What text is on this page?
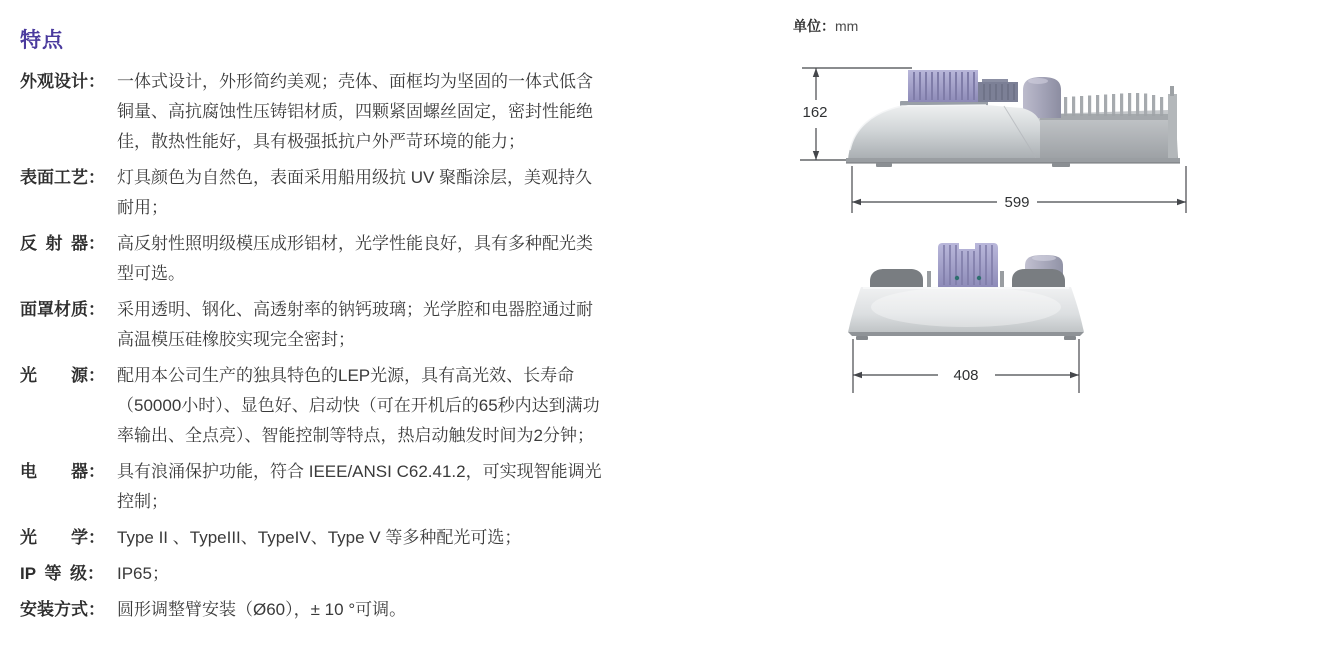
特点
外观设计： 一体式设计，外形简约美观；壳体、面框均为坚固的一体式低含
铜量、高抗腐蚀性压铸铝材质，四颗紧固螺丝固定，密封性能绝
佳，散热性能好，具有极强抵抗户外严苛环境的能力；
表面工艺： 灯具颜色为自然色，表面采用船用级抗 UV 聚酯涂层，美观持久
耐用；
反 射 器： 高反射性照明级模压成形铝材，光学性能良好，具有多种配光类
型可选。
面罩材质： 采用透明、钢化、高透射率的钠钙玻璃；光学腔和电器腔通过耐
高温模压硅橡胶实现完全密封；
光　　源： 配用本公司生产的独具特色的LEP光源，具有高光效、长寿命
（50000小时）、显色好、启动快（可在开机后的65秒内达到满功
率输出、全点亮）、智能控制等特点，热启动触发时间为2分钟；
电　　器： 具有浪涌保护功能，符合 IEEE/ANSI C62.41.2，可实现智能调光
控制；
光　　学： Type II 、TypeIII、TypeIV、Type V 等多种配光可选；
IP 等 级： IP65；
安装方式： 圆形调整臂安装（Ø60），± 10 °可调。
单位：mm
162
599
408
